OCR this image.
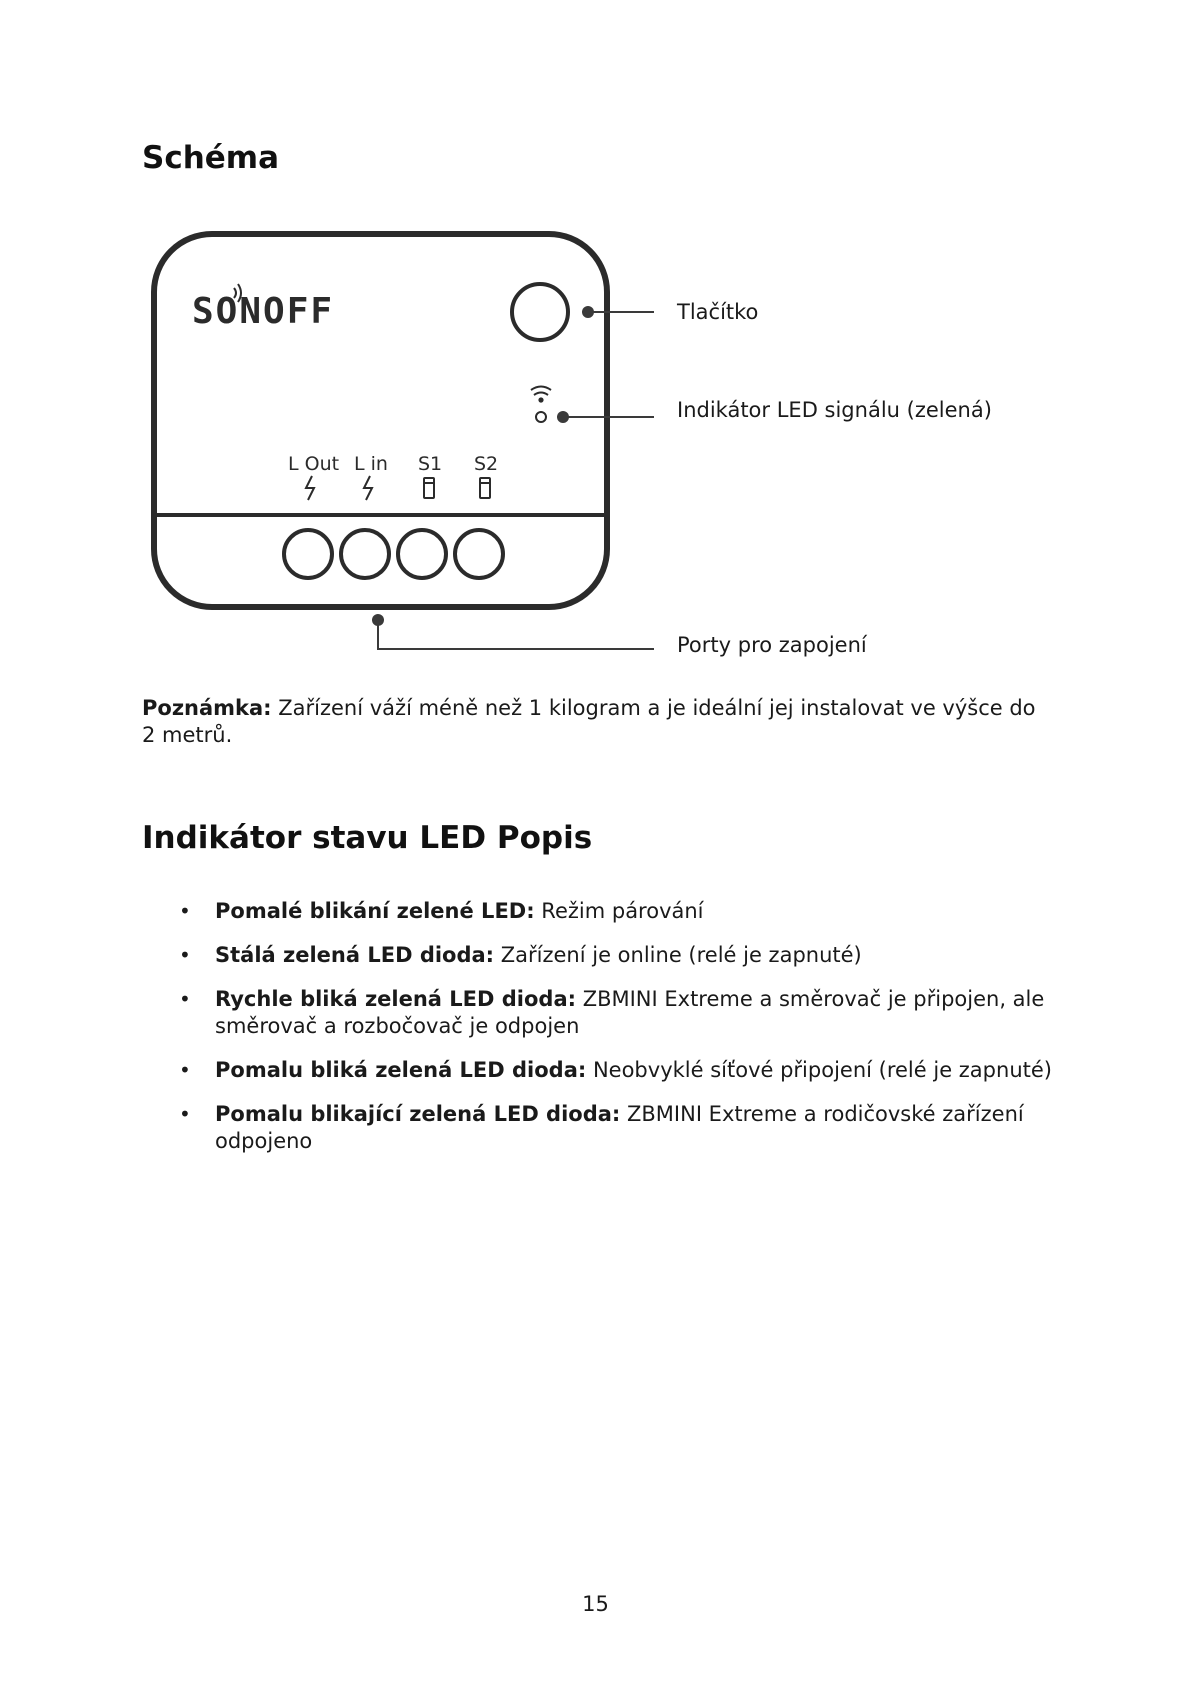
Schéma
SONOFF
L Out L in S1 S2
Tlačítko
Indikátor LED signálu (zelená)
Porty pro zapojení

Poznámka: Zařízení váží méně než 1 kilogram a je ideální jej instalovat ve výšce do 2 metrů.

Indikátor stavu LED Popis
• Pomalé blikání zelené LED: Režim párování
• Stálá zelená LED dioda: Zařízení je online (relé je zapnuté)
• Rychle bliká zelená LED dioda: ZBMINI Extreme a směrovač je připojen, ale směrovač a rozbočovač je odpojen
• Pomalu bliká zelená LED dioda: Neobvyklé síťové připojení (relé je zapnuté)
• Pomalu blikající zelená LED dioda: ZBMINI Extreme a rodičovské zařízení odpojeno
15
